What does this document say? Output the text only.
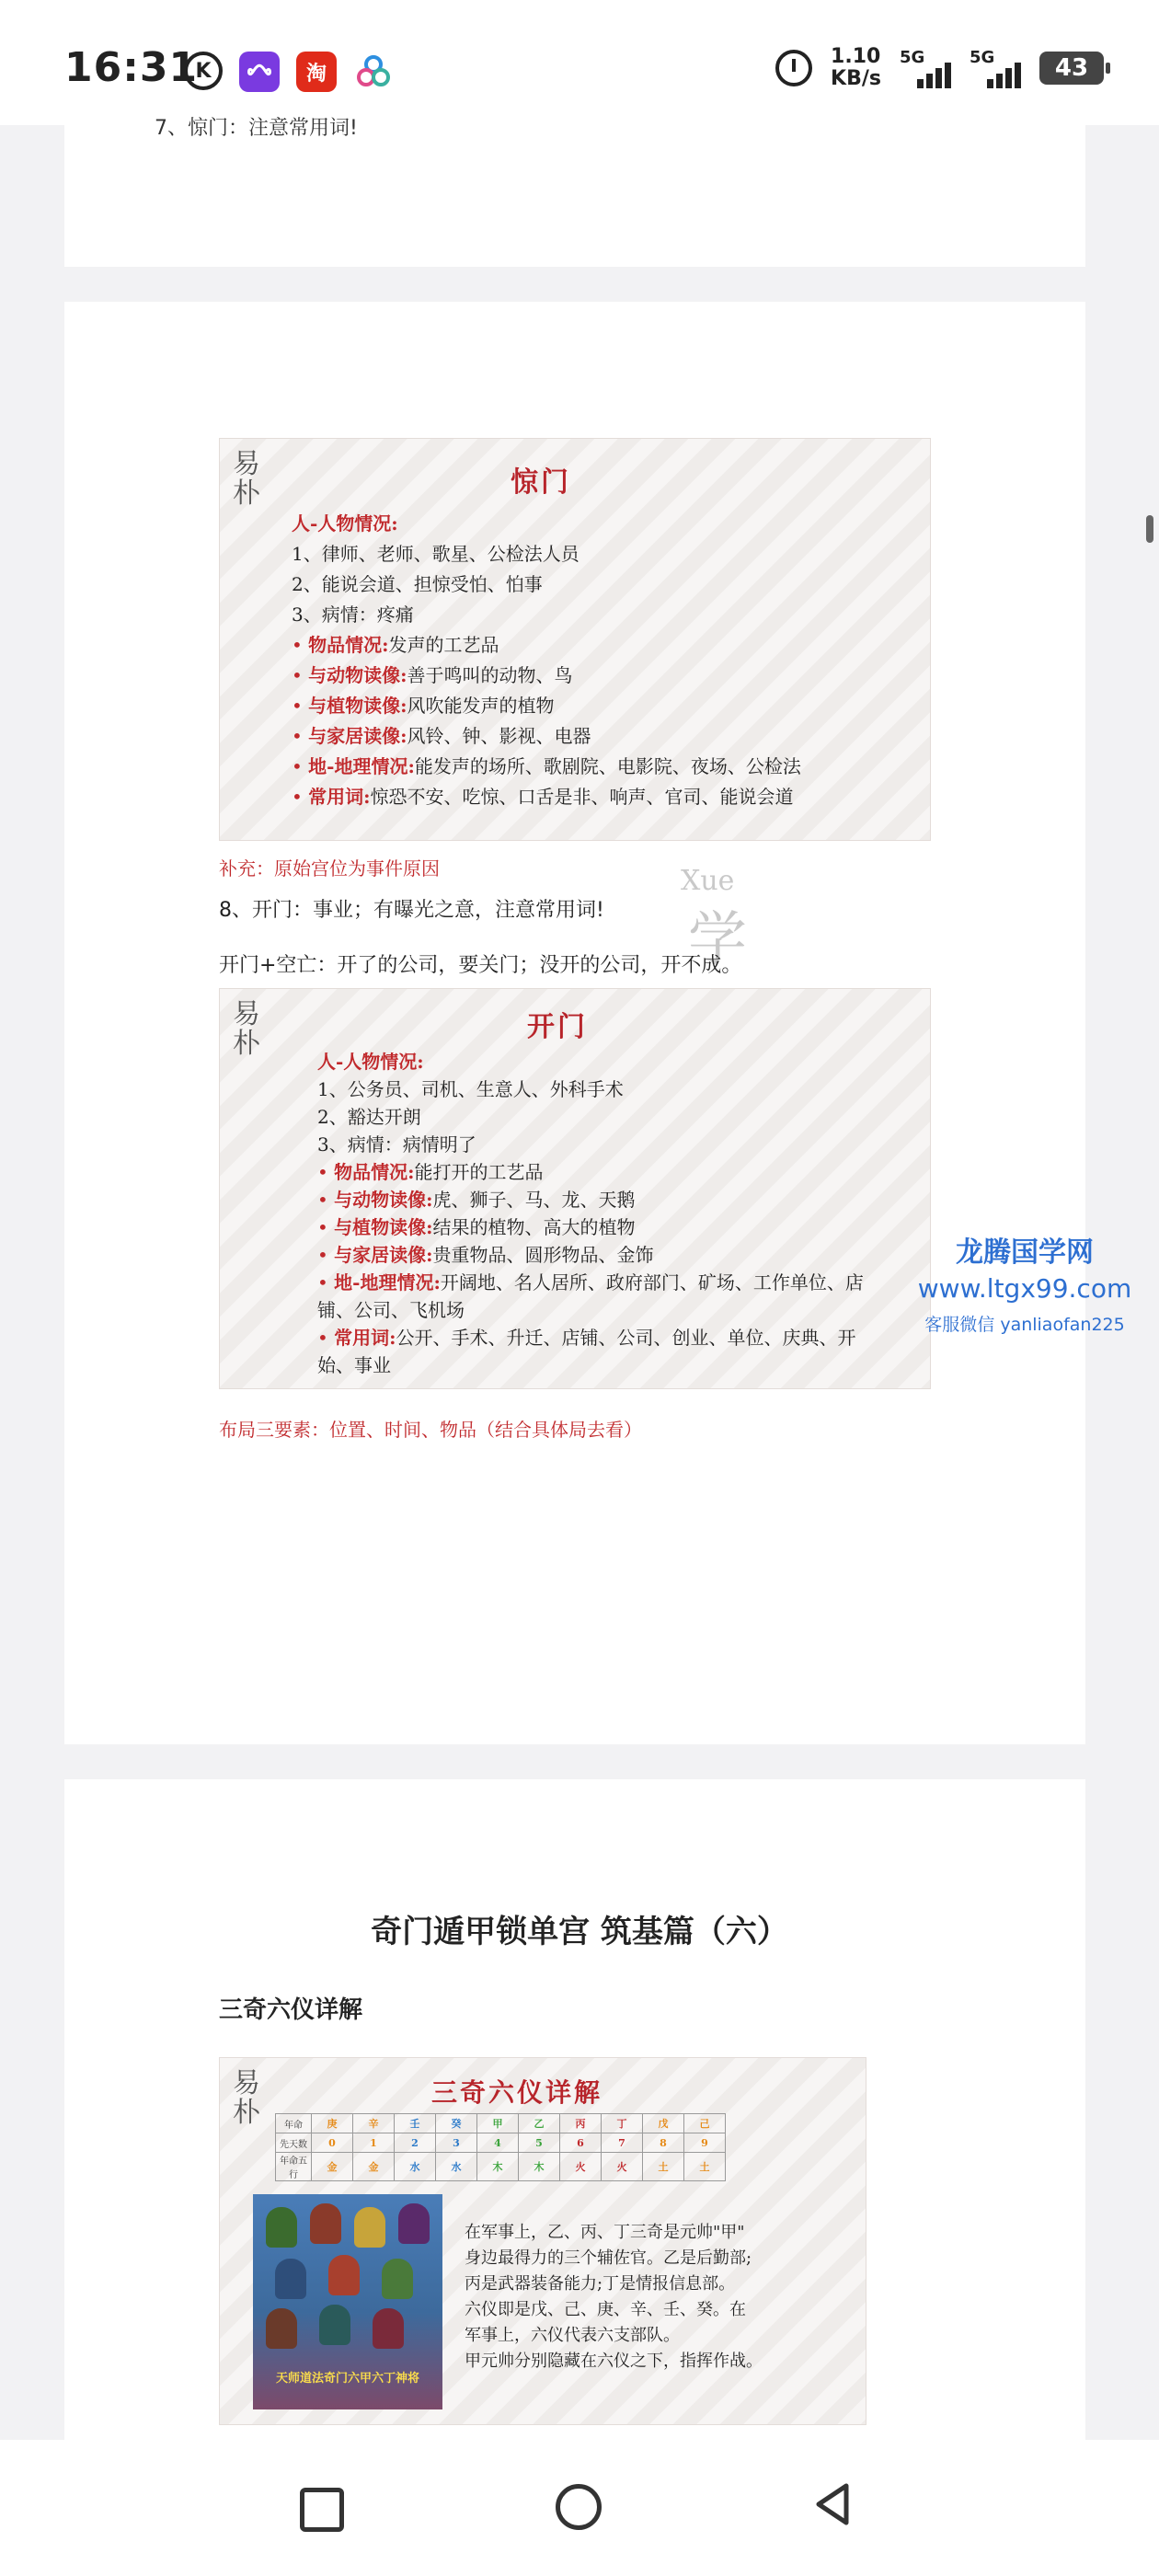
16:31
K	淘
1.10
KB/s
5G	5G	43
7、惊门：注意常用词!
易朴	惊门
人-人物情况:
1、律师、老师、歌星、公检法人员
2、能说会道、担惊受怕、怕事
3、病情：疼痛
• 物品情况:发声的工艺品
• 与动物读像:善于鸣叫的动物、鸟
• 与植物读像:风吹能发声的植物
• 与家居读像:风铃、钟、影视、电器
• 地-地理情况:能发声的场所、歌剧院、电影院、夜场、公检法
• 常用词:惊恐不安、吃惊、口舌是非、响声、官司、能说会道
补充：原始宫位为事件原因	Xue
学
8、开门：事业；有曝光之意，注意常用词!
开门+空亡：开了的公司，要关门；没开的公司，开不成。
易朴
开门
人-人物情况:
1、公务员、司机、生意人、外科手术
2、豁达开朗
3、病情：病情明了
• 物品情况:能打开的工艺品
• 与动物读像:虎、狮子、马、龙、天鹅
• 与植物读像:结果的植物、高大的植物
• 与家居读像:贵重物品、圆形物品、金饰
• 地-地理情况:开阔地、名人居所、政府部门、矿场、工作单位、店铺、公司、飞机场
• 常用词:公开、手术、升迁、店铺、公司、创业、单位、庆典、开始、事业
布局三要素：位置、时间、物品（结合具体局去看）
龙腾国学网
www.ltgx99.com
客服微信 yanliaofan225
奇门遁甲锁单宫 筑基篇（六）
三奇六仪详解
易朴
三奇六仪详解
年命	庚	辛	壬	癸	甲	乙	丙	丁	戊	己
先天数	0	1	2	3	4	5	6	7	8	9
年命五行	金	金	水	水	木	木	火	火	土	土
天师道法奇门六甲六丁神将
在军事上，乙、丙、丁三奇是元帅"甲"
身边最得力的三个辅佐官。乙是后勤部;
丙是武器装备能力;丁是情报信息部。
六仪即是戊、己、庚、辛、壬、癸。在
军事上，六仪代表六支部队。
甲元帅分别隐藏在六仪之下，指挥作战。
